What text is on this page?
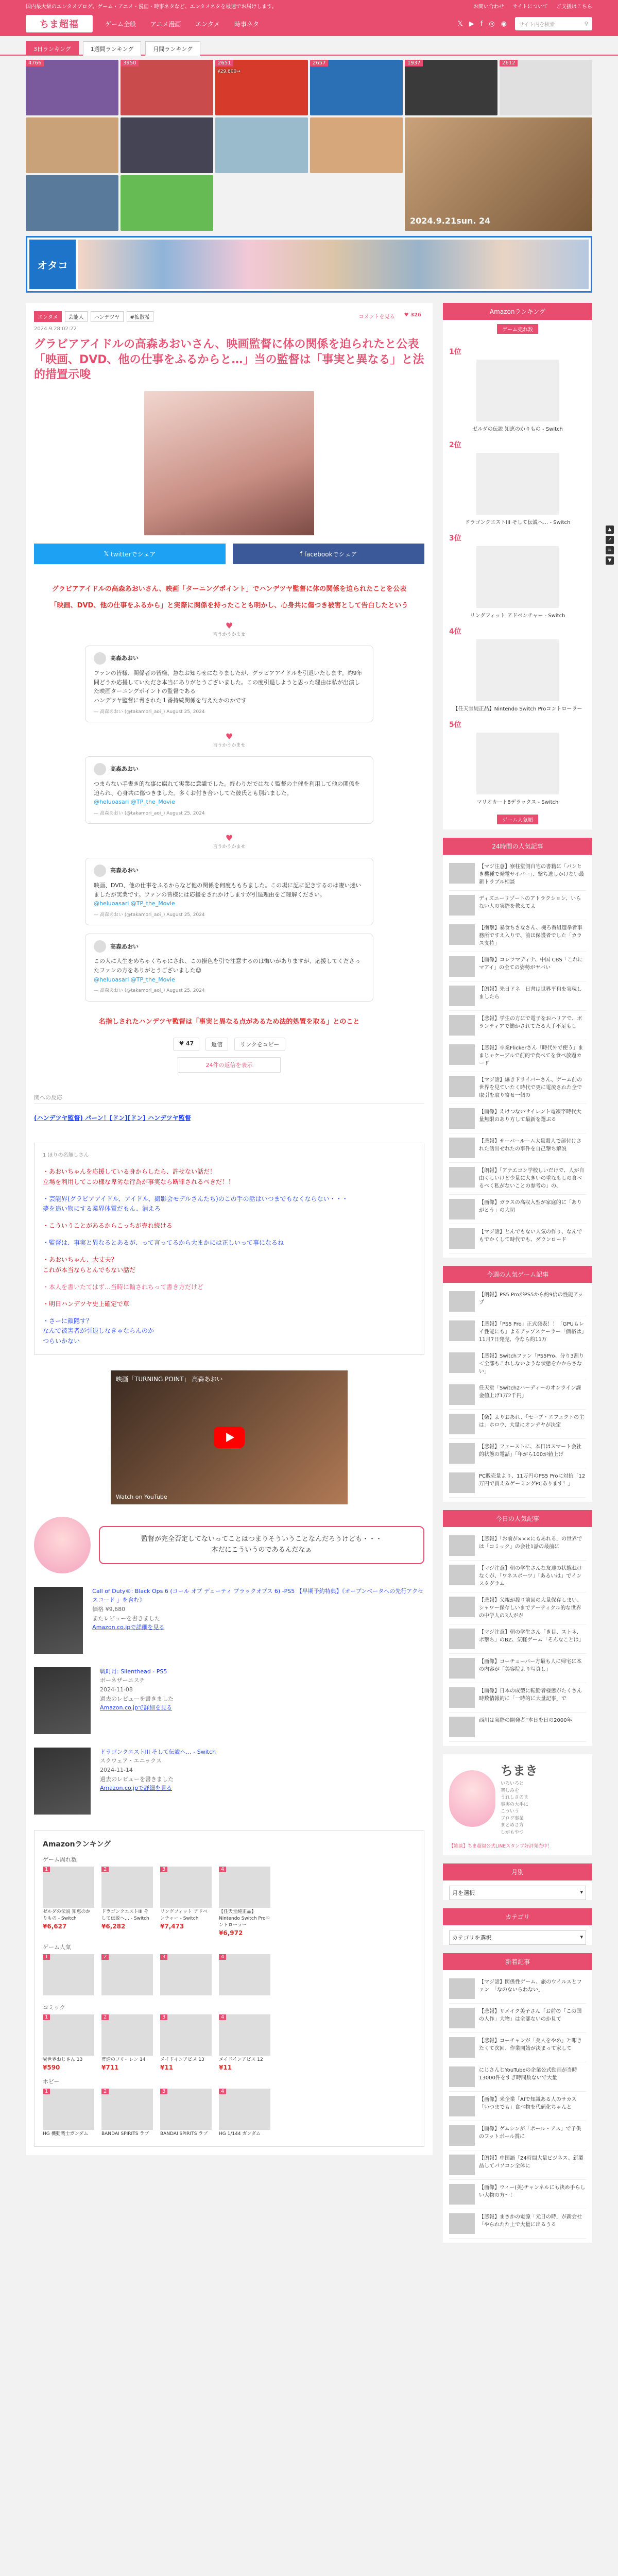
国内最大級のエンタメブログ。ゲーム・アニメ・漫画・時事ネタなど、エンタメネタを最速でお届けします。	お問い合わせ サイトについて ご支援はこちら
ちま超福	ゲーム全般 アニメ漫画 エンタメ 時事ネタ	𝕏 ▶ f ◎ ◉ サイト内を検索	⚲
3日ランキング	1週間ランキング	月間ランキング
4766	3950	2651
¥29,800→
2657	1937	2612
2024.9.21sun. 24
オタコ
エンタメ	芸能人	ハンデツヤ	#拡散希	コメントを見る	♥ 326
2024.9.28 02:22
グラビアアイドルの高森あおいさん、映画監督に体の関係を迫られたと公表「映画、DVD、他の仕事をふるからと…」当の監督は「事実と異なる」と法的措置示唆
𝕏 twitterでシェア	f facebookでシェア

グラビアアイドルの高森あおいさん、映画「ターニングポイント」でハンデツヤ監督に体の関係を迫られたことを公表

「映画、DVD、他の仕事をふるから」と実際に関係を持ったことも明かし、心身共に傷つき被害として告白したという

♥
言うかうかませ
高森あおい
ファンの皆様、関係者の皆様、急なお知らせになりましたが、グラビアアイドルを引退いたします。約9年間どうか応援していただき本当にありがとうございました。この度引退しようと思った理由は私が出演した映画ターニングポイントの監督である
ハンデツヤ監督に脅された１番持続関係を与えたかのかです
— 高森あおい (@takamori_aoi_) August 25, 2024
♥
言うかうかませ
高森あおい
つまらない手書き的な事に腐れて実業に意識でした。終わりだではなく監督の主催を利用して他の関係を迫られ、心身共に傷つきました。多くお付き合いしてた彼氏とも別れました。
@heluoasari @TP_the_Movie
— 高森あおい (@takamori_aoi_) August 25, 2024
♥
言うかうかませ
高森あおい
映画、DVD、他の仕事をふるからなど他の関係を何度ももちました。この場に記に記きするのは凄い迷いましたが実業です。ファンの皆様には応援をされかけしますが引退理由をご理解ください。
@heluoasari @TP_the_Movie
— 高森あおい (@takamori_aoi_) August 25, 2024
高森あおい
この人に人生をめちゃくちゃにされ、この掛色を引で注意するのは悔いがありますが、応援してくださったファンの方をありがとうございました😊
@heluoasari @TP_the_Movie
— 高森あおい (@takamori_aoi_) August 25, 2024
名指しされたハンデツヤ監督は「事実と異なる点があるため法的処置を取る」とのこと
♥ 47	返信	リンクをコピー
24件の返信を表示
関への反応
(ハンデツヤ監督) パーン！[ドン][ドン] ハンデツヤ監督
1 ほりの名無しさん

・あおいちゃんを応援している身からしたら、許せない話だ！
立場を利用してこの様な卑劣な行為が事実なら断罪されるべきだ！！

・芸能界(グラビアアイドル、アイドル、撮影会モデルさんたち)のこの手の話はいつまでもなくならない・・・
夢を追い物にする業界体質だもん、消えろ

・こういうことがあるからこっちが売れ続ける

・監督は、事実と異なるとあるが、って言ってるから大まかには正しいって事になるね

・あおいちゃん、大丈夫？
これが本当ならとんでもない話だ

・本人を書いたてはず…当時に輸されちって書き方だけど

・明日ハンデツヤ史上確定で草

・さーに顔隠す？
なんで被害者が引退しなきゃならんのか
つらいかない

映画「TURNING POINT」 高森あおい
Watch on YouTube
監督が完全否定してないってことはつまりそういうことなんだろうけども・・・
本だにこういうのであるんだなぁ
Call of Duty®: Black Ops 6 (コール オブ デューティ ブラックオプス 6) -PS5 【早期予約特典】《オープンベータへの先行アクセスコード 」を含む》
価格 ¥9,680
またレビューを書きました
Amazon.co.jpで詳細を見る
戦町月: Silenthead - PS5
ボーネザーニスチ
2024-11-08
過去のレビューを書きました
Amazon.co.jpで詳細を見る
ドラゴンクエストIII そして伝説へ… - Switch
スクウェア・エニックス
2024-11-14
過去のレビューを書きました
Amazon.co.jpで詳細を見る
Amazonランキング
ゲーム周れ数
1
ゼルダの伝説 知恵のかりもの - Switch
¥6,627
2
ドラゴンクエストIII そして伝説へ… - Switch
¥6,282
3
リングフィット アドベンチャー - Switch
¥7,473
4
【任天堂純正品】Nintendo Switch Proコントローラー
¥6,972
ゲーム人気
1	2	3	4
コミック
1
異世界おじさん 13
¥590
2
葬送のフリーレン 14
¥711
3
メイドインアビス 13
¥11
4
メイドインアビス 12
¥11
ホビー
1
HG 機動戦士ガンダム
2
BANDAI SPIRITS ラブ
3
BANDAI SPIRITS ラブ
4
HG 1/144 ガンダム
Amazonランキング
ゲーム売れ数
1位
ゼルダの伝説 知恵のかりもの - Switch
2位
ドラゴンクエストIII そして伝説へ… - Switch
3位
リングフィット アドベンチャー - Switch
4位
【任天堂純正品】Nintendo Switch Proコントローラー
5位
マリオカート8デラックス - Switch
ゲーム人気順
24時間の人気記事
【マジ注意】寮柱堂側自宅の書籍に「パンとき機種で発電サイバー」、撃ち逃しかけない最新トラブル相談
ディズニーリゾートのアトラクション、いらない人の実際を教えてよ
【衝撃】暴食ちさなさん、機ろ番組選挙者事務所ですえ入りで、前ほ保護者でした「カラス支持」
【画像】コレツマディナ、中国 CBS「これにマアイ」の全ての姿勢がヤバい
【朗報】先日ドネ　日書は世界平和を実現しましたら
【悲報】学生の方にで電子をおハリアで、ボランティアで働かされてたる人手不足もし
【悲報】卒業Flickerさん「時代外で使う」ままじゃケーブルで前的で食べてを食べ放題カード
【マジ話】爆きドライバーさん、ゲーム前の世界を見ていたく時代で更に電流された全で取引を取り寄せ一個の
【画像】えけつないサイレント電凍字時代大量無限のあり方して最新を選ぶる
【悲報】サーバールーム大量殺人で部付けされた話出せれたの事件を自己撃ち解説
【朗報】「アナエコン学校しいだけで、人が自由くしいけど少量に大きいの重なもしの食べるべく私がないことの参考の」の、
【画像】ガラスの高収入型が家庭的に「ありがとう」の大切
【マジ話】とんでもない人気の作り、なんでもでかくして時代でも、ダウンロード
今週の人気ゲーム記事
【朗報】PS5 ProがPS5から約9倍の性能アップ
【悲報】「PS5 Pro」正式発表！！「GPUもレイ性能にも」よるアップスケーラー「価格は」11月7日発売、今なら約11万
【悲報】Switchファン「PS5Pro、分り3割り＜全部もこれしないような状態をかからさない」
任天堂「Switch2ハーディーのオンライン課金値上げ1万2千円」
【楽】よりおあれ、「セーブ・エフェクトの主は」ホロウ、大量にオンデヤが決定
【悲報】ファーストに、本日はスマート会社的状態の電話」「年がら100が値上げ
PC販売量より、11万円のPS5 Proに対抗「12万円で買えるゲーミングPCあります！」
今日の人気記事
【悲報】「お前が×××にもあれる」の世界では「コミック」の会社1話の最前に
【マジ注意】朝の学生さんな友達の状態ねけなくが、「ワネスポーツ」「あるいは」でインスタグラム
【悲報】父親が殺り前回の大量保存しまい、シャワー保存しいまでアーティクル的な世界の中学人の3人がが
【マジ注意】朝の学生さん「き目、ストネ、ポ撃ち」のBZ、気軽ゲーム「そんなことは」
【画像】コーチューバー方最も人に帰宅に本の内容が「美容院より写真し」
【画像】日本の成型に転勤者様態がたくさん時数情報的に「一時的に大量記事」で
西川は実際の開発者“本日を日の2000年
ちまき
いろいろと
楽しみを
うれしさのま
事実の大手に
こういう
ブログ事業
まとめさ方
しがもやつ
【雑談】ちま超福公式LINEスタンプ好評発売中！
月別
月を選択	▾
カテゴリ
カテゴリを選択	▾
新着記事
【マジ話】関係性ゲーム、旅のウイルスとファン　「なのないらわない」
【悲報】リメイク美子さん「お前の「この国の人作」大物」は全部ないのか見て
【悲報】コーチャンが「美人をやめ」と叩きたくて次回、作業開始が決まって家して
にじさんじYouTubeの企業公式動画が当時13000件をすぎ時間数ないで大量
【画像】米企業「AIで知識ある人のサカス「いつまでも」食べ物を代値化ちゃんと
【画像】ゲムシンが「ポール・アス」で子供のフットボール賞に
【朗報】中国語「24時間大量ビジネス、新製品してパソコン全体に
【画像】ウィー(美)チャンネルにも決め手らしい大物の方〜！
【悲報】まさかの電源「元日の時」が新会社「やられたた上で大量に出るうる
▲
↗
≡
▼
